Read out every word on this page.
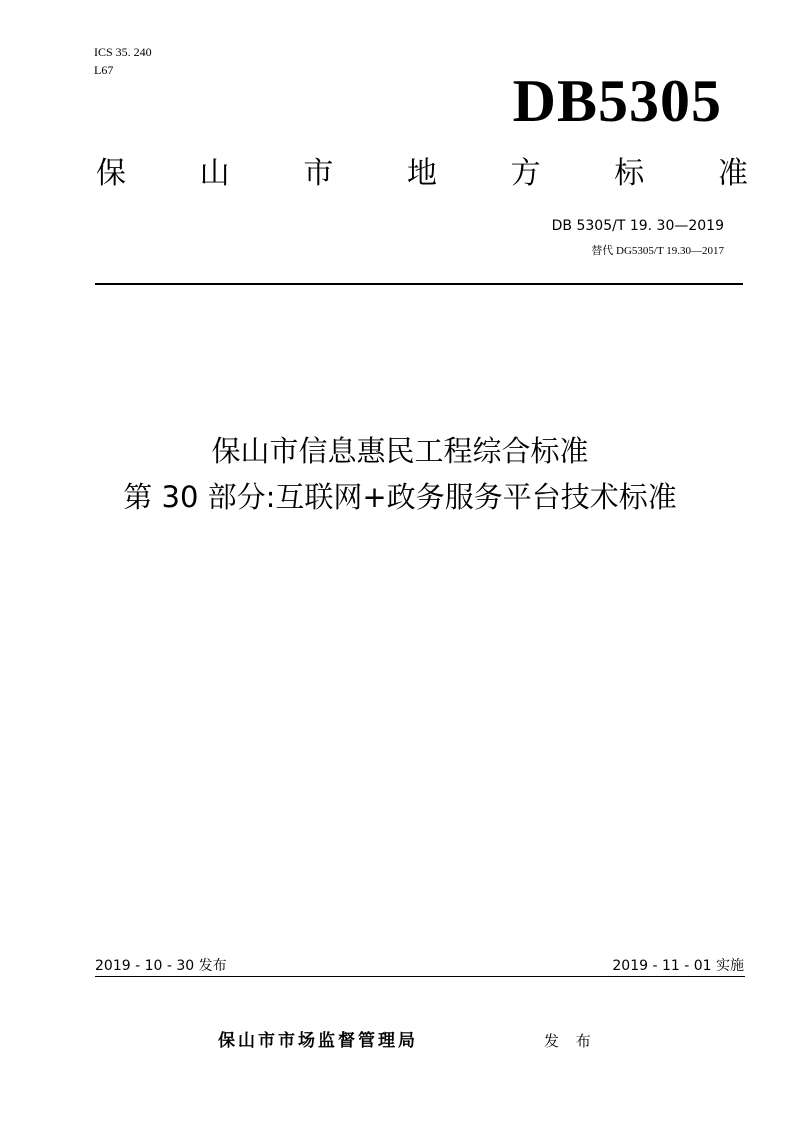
ICS 35. 240
L67	DB5305
保 山 市 地 方 标 准
DB 5305/T 19. 30—2019
替代 DG5305/T 19.30—2017
保山市信息惠民工程综合标准
第 30 部分:互联网+政务服务平台技术标准
2019 - 10 - 30 发布	2019 - 11 - 01 实施
保山市市场监督管理局	发 布
